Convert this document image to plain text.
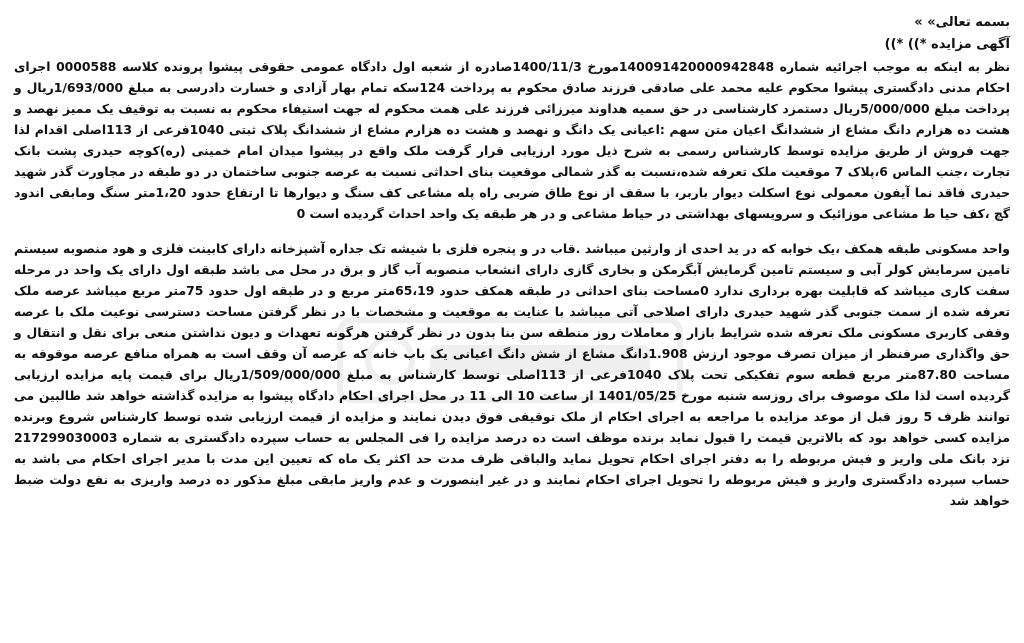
بسمه تعالی» »
آگهی مزایده *)) *))
نظر به اینکه به موجب اجرائیه شماره 140091420000942848مورخ 1400/11/3صادره از شعبه اول دادگاه عمومی حقوقی پیشوا پرونده کلاسه 0000588 اجرای احکام مدنی دادگستری پیشوا محکوم علیه محمد علی صادقی فرزند صادق محکوم به پرداخت 124سکه تمام بهار آزادی و خسارت دادرسی به مبلغ 1/693/000ریال و پرداخت مبلغ 5/000/000ریال دستمزد کارشناسی در حق سمیه هداوند میرزائی فرزند علی همت محکوم له جهت استیفاء محکوم به نسبت به توقیف یک ممیز نهصد و هشت ده هزارم دانگ مشاع از ششدانگ اعیان متن سهم :اعیانی یک دانگ و نهصد و هشت ده هزارم مشاع از ششدانگ پلاک ثبتی 1040فرعی از 113اصلی اقدام لذا جهت فروش از طریق مزایده توسط کارشناس رسمی به شرح ذیل مورد ارزیابی قرار گرفت ملک واقع در پیشوا میدان امام خمینی (ره)کوچه حیدری پشت بانک تجارت ،جنب الماس 6،پلاک 7 موقعیت ملک تعرفه شده،نسبت به گذر شمالی موقعیت بنای احداثی نسبت به عرصه جنوبی ساختمان در دو طبقه در مجاورت گذر شهید حیدری فاقد نما آیفون معمولی نوع اسکلت دیوار باربر، با سقف از نوع طاق ضربی راه پله مشاعی کف سنگ و دیوارها تا ارتفاع حدود 1،20متر سنگ ومابقی اندود گچ ،کف حیا ط مشاعی موزائیک و سرویسهای بهداشتی در حیاط مشاعی و در هر طبقه یک واحد احداث گردیده است 0
واحد مسکونی طبقه همکف ،یک خوابه که در ید احدی از وارثین میباشد .قاب در و پنجره فلزی با شیشه تک جداره آشپزخانه دارای کابینت فلزی و هود منصوبه سیستم تامین سرمایش کولر آبی و سیستم تامین گرمایش آبگرمکن و بخاری گازی دارای انشعاب منصوبه آب گاز و برق در محل می باشد طبقه اول دارای یک واحد در مرحله سفت کاری میباشد که قابلیت بهره برداری ندارد 0مساحت بنای احداثی در طبقه همکف حدود 65،19متر مربع و در طبقه اول حدود 75متر مربع میباشد عرصه ملک تعرفه شده از سمت جنوبی گذر شهید حیدری دارای اصلاحی آتی میباشد با عنایت به موقعیت و مشخصات با در نظر گرفتن مساحت دسترسی نوعیت ملک با عرصه وقفی کاربری مسکونی ملک تعرفه شده شرایط بازار و معاملات روز منطقه سن بنا بدون در نظر گرفتن هرگونه تعهدات و دیون نداشتن منعی برای نقل و انتقال و حق واگذاری صرفنظر از میزان تصرف موجود ارزش 1.908دانگ مشاع از شش دانگ اعیانی یک باب خانه که عرصه آن وقف است به همراه منافع عرصه موقوفه به مساحت 87.80متر مربع قطعه سوم تفکیکی تحت پلاک 1040فرعی از 113اصلی توسط کارشناس به مبلغ 1/509/000/000ریال برای قیمت پایه مزایده ارزیابی گردیده است لذا ملک موصوف برای روزسه شنبه مورخ 1401/05/25 از ساعت 10 الی 11 در محل اجرای احکام دادگاه پیشوا به مزایده گذاشته خواهد شد طالبین می توانند ظرف 5 روز قبل از موعد مزایده با مراجعه به اجرای احکام از ملک توقیفی فوق دیدن نمایند و مزایده از قیمت ارزیابی شده توسط کارشناس شروع وبرنده مزایده کسی خواهد بود که بالاترین قیمت را قبول نماید برنده موظف است ده درصد مزایده را فی المجلس به حساب سپرده دادگستری به شماره 217299030003 نزد بانک ملی واریز و فیش مربوطه را به دفتر اجرای احکام تحویل نماید والباقی ظرف مدت حد اکثر یک ماه که تعیین این مدت با مدیر اجرای احکام می باشد به حساب سپرده دادگستری واریز و فیش مربوطه را تحویل اجرای احکام نمایند و در غیر اینصورت و عدم واریز مابقی مبلغ مذکور ده درصد واریزی به نفع دولت ضبط خواهد شد
